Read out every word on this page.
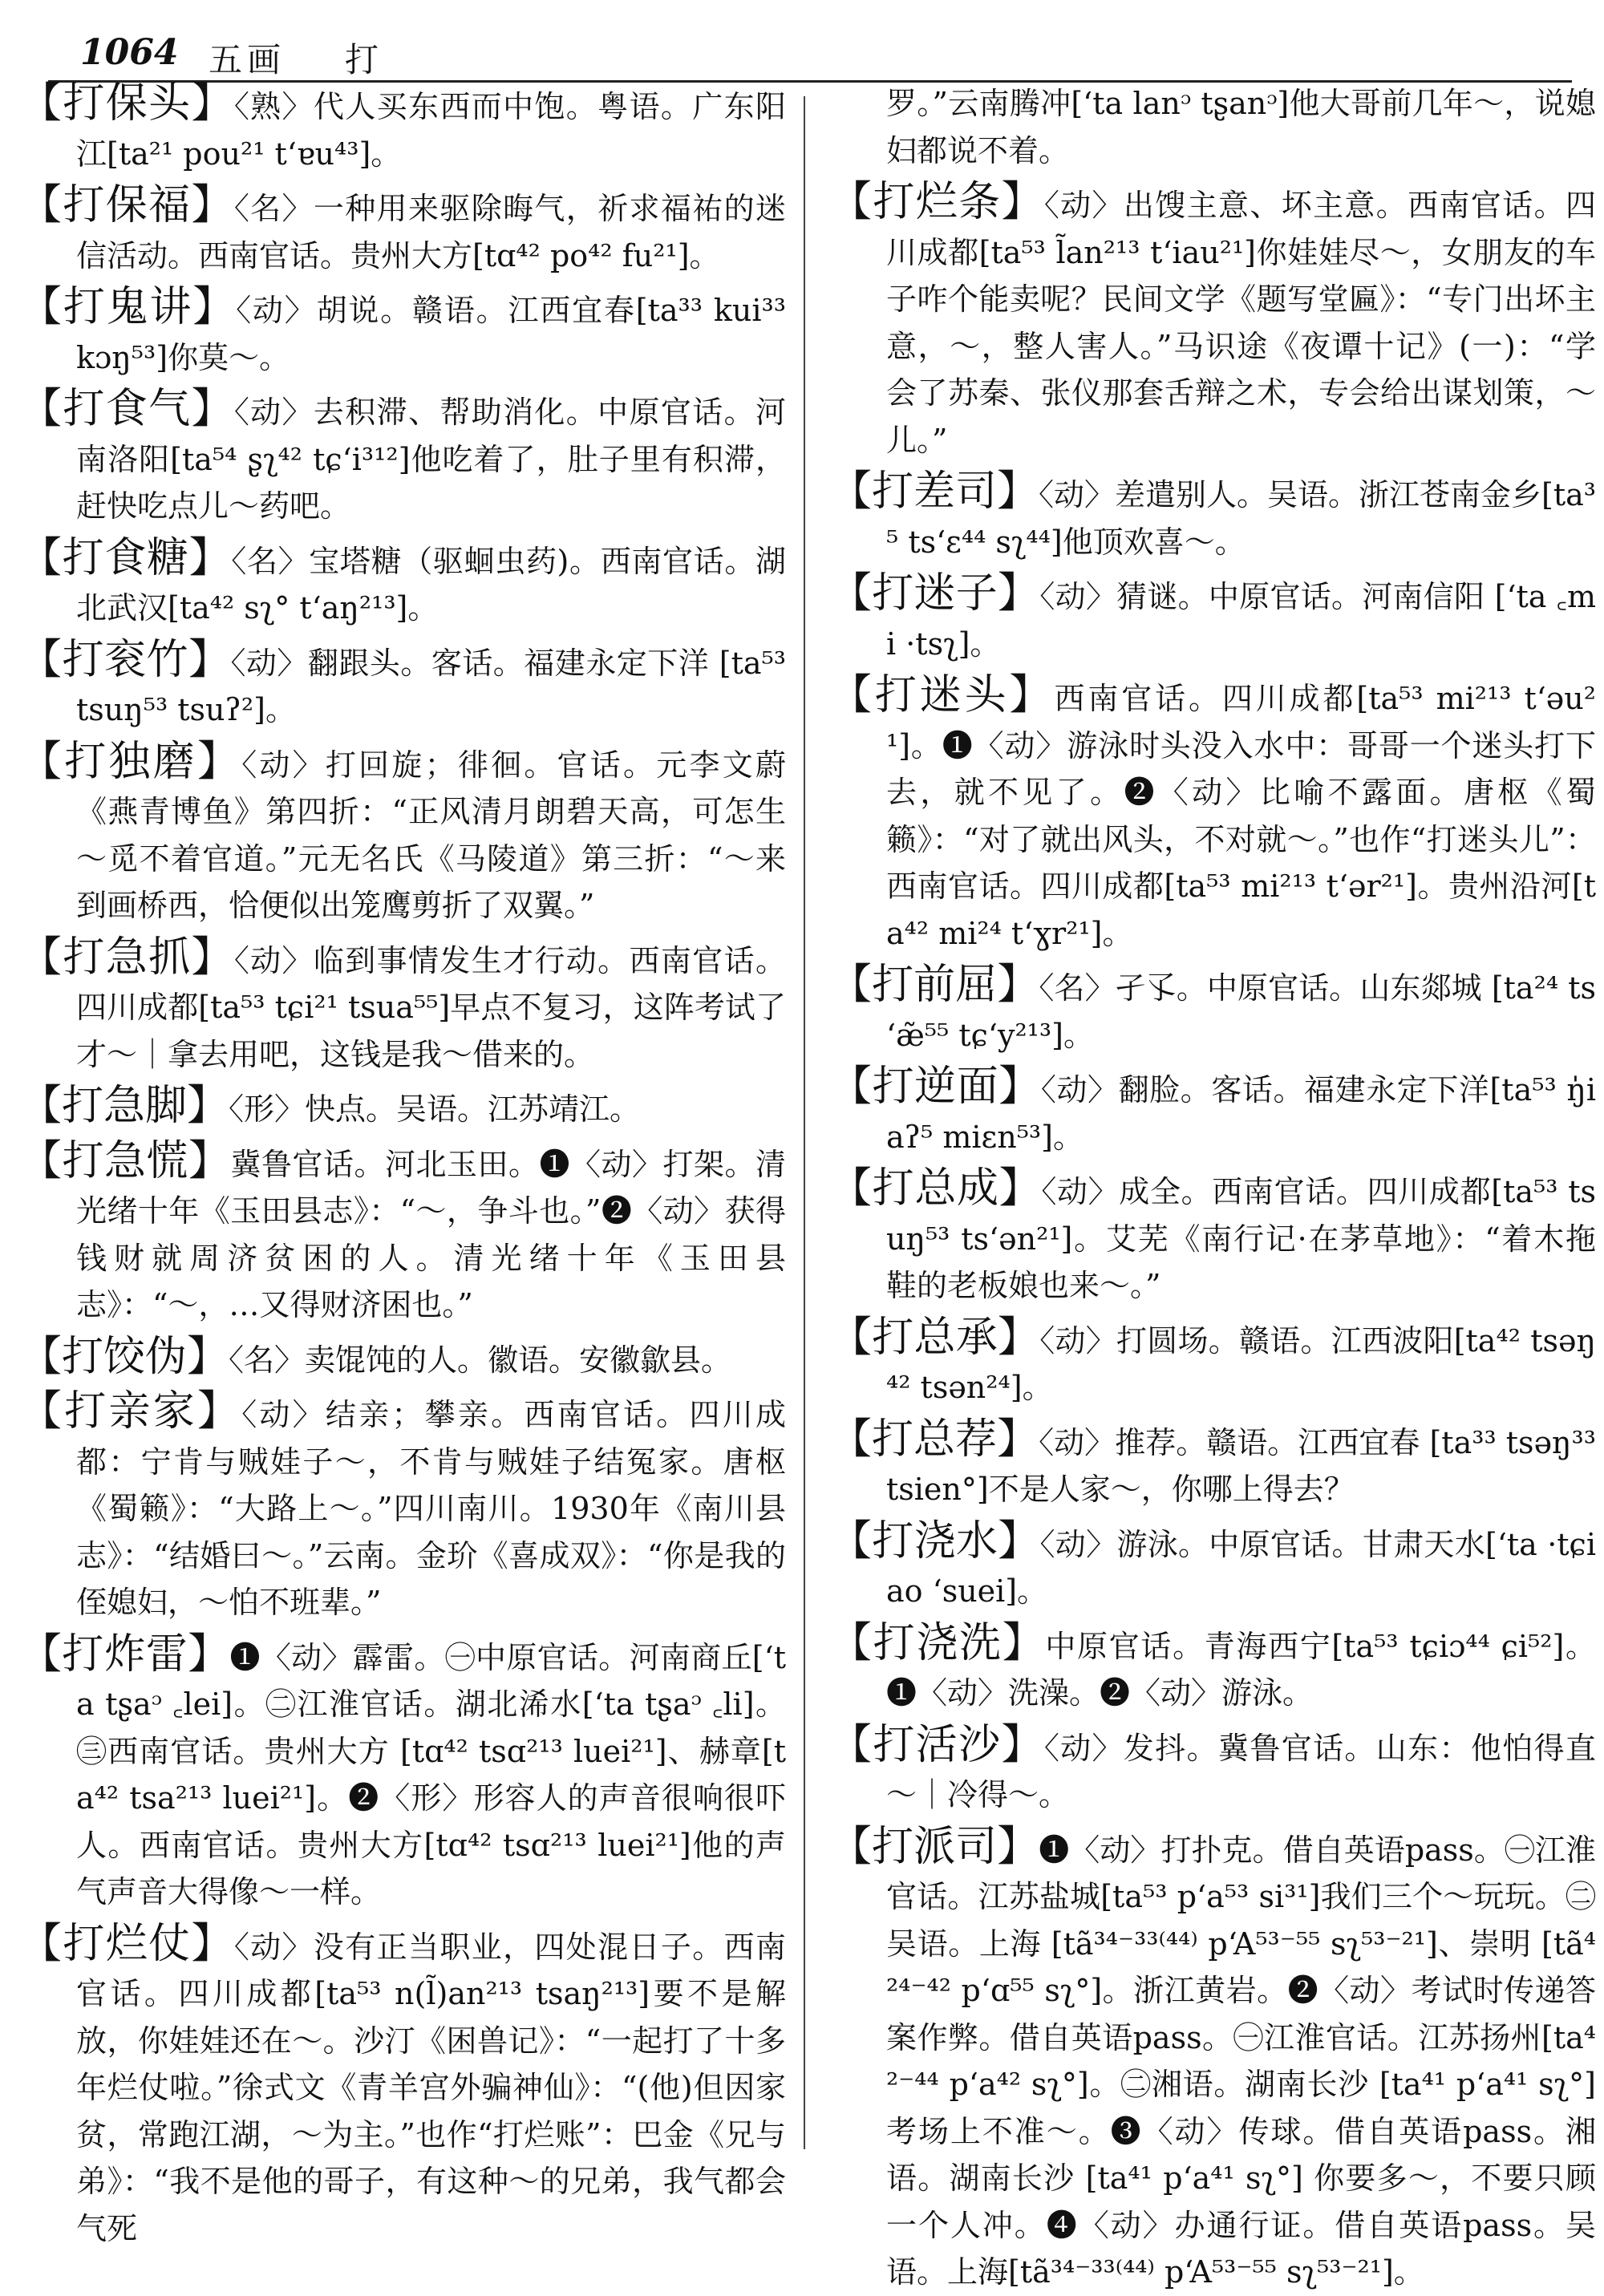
1064 五画 打

【打保头】〈熟〉代人买东西而中饱。粤语。广东阳江[ta²¹ pou²¹ tʻɐu⁴³]。

【打保福】〈名〉一种用来驱除晦气，祈求福祐的迷信活动。西南官话。贵州大方[tɑ⁴² po⁴² fu²¹]。

【打鬼讲】〈动〉胡说。赣语。江西宜春[ta³³ kui³³ kɔŋ⁵³]你莫～。

【打食气】〈动〉去积滞、帮助消化。中原官话。河南洛阳[ta⁵⁴ ʂʅ⁴² tɕʻi³¹²]他吃着了，肚子里有积滞，赶快吃点儿～药吧。

【打食糖】〈名〉宝塔糖（驱蛔虫药)。西南官话。湖北武汉[ta⁴² sʅ° tʻaŋ²¹³]。

【打衮竹】〈动〉翻跟头。客话。福建永定下洋 [ta⁵³ tsuŋ⁵³ tsuʔ²]。

【打独磨】〈动〉打回旋；徘徊。官话。元李文蔚《燕青博鱼》第四折：“正风清月朗碧天高，可怎生～觅不着官道。”元无名氏《马陵道》第三折：“～来到画桥西，恰便似出笼鹰剪折了双翼。”

【打急抓】〈动〉临到事情发生才行动。西南官话。四川成都[ta⁵³ tɕi²¹ tsua⁵⁵]早点不复习，这阵考试了才～｜拿去用吧，这钱是我～借来的。

【打急脚】〈形〉快点。吴语。江苏靖江。

【打急慌】冀鲁官话。河北玉田。❶〈动〉打架。清光绪十年《玉田县志》：“～，争斗也。”❷〈动〉获得钱财就周济贫困的人。清光绪十年《玉田县志》：“～，…又得财济困也。”

【打饺伪】〈名〉卖馄饨的人。徽语。安徽歙县。

【打亲家】〈动〉结亲；攀亲。西南官话。四川成都：宁肯与贼娃子～，不肯与贼娃子结冤家。唐枢《蜀籁》：“大路上～。”四川南川。1930年《南川县志》：“结婚曰～。”云南。金玠《喜成双》：“你是我的侄媳妇，～怕不班辈。”

【打炸雷】❶〈动〉霹雷。㊀中原官话。河南商丘[ʻta tʂaᵓ ꜀lei]。㊁江淮官话。湖北浠水[ʻta tʂaᵓ ꜀li]。㊂西南官话。贵州大方 [tɑ⁴² tsɑ²¹³ luei²¹]、赫章[ta⁴² tsa²¹³ luei²¹]。❷〈形〉形容人的声音很响很吓人。西南官话。贵州大方[tɑ⁴² tsɑ²¹³ luei²¹]他的声气声音大得像～一样。

【打烂仗】〈动〉没有正当职业，四处混日子。西南官话。四川成都[ta⁵³ n(l̃)an²¹³ tsaŋ²¹³]要不是解放，你娃娃还在～。沙汀《困兽记》：“一起打了十多年烂仗啦。”徐式文《青羊宫外骗神仙》：“(他)但因家贫，常跑江湖，～为主。”也作“打烂账”：巴金《兄与弟》：“我不是他的哥子，有这种～的兄弟，我气都会气死

罗。”云南腾冲[ʻta lanᵓ tʂanᵓ]他大哥前几年～，说媳妇都说不着。

【打烂条】〈动〉出馊主意、坏主意。西南官话。四川成都[ta⁵³ l̃an²¹³ tʻiau²¹]你娃娃尽～，女朋友的车子咋个能卖呢？民间文学《题写堂匾》：“专门出坏主意，～，整人害人。”马识途《夜谭十记》(一)：“学会了苏秦、张仪那套舌辩之术，专会给出谋划策，～儿。”

【打差司】〈动〉差遣别人。吴语。浙江苍南金乡[ta³⁵ tsʻɛ⁴⁴ sʅ⁴⁴]他顶欢喜～。

【打迷子】〈动〉猜谜。中原官话。河南信阳 [ʻta ꜀mi ·tsʅ]。

【打迷头】西南官话。四川成都[ta⁵³ mi²¹³ tʻəu²¹]。❶〈动〉游泳时头没入水中：哥哥一个迷头打下去，就不见了。❷〈动〉比喻不露面。唐枢《蜀籁》：“对了就出风头，不对就～。”也作“打迷头儿”：西南官话。四川成都[ta⁵³ mi²¹³ tʻər²¹]。贵州沿河[ta⁴² mi²⁴ tʻɣr²¹]。

【打前屈】〈名〉孑孓。中原官话。山东郯城 [ta²⁴ tsʻæ̃⁵⁵ tɕʻy²¹³]。

【打逆面】〈动〉翻脸。客话。福建永定下洋[ta⁵³ ŋ̍iaʔ⁵ miɛn⁵³]。

【打总成】〈动〉成全。西南官话。四川成都[ta⁵³ tsuŋ⁵³ tsʻən²¹]。艾芜《南行记·在茅草地》：“着木拖鞋的老板娘也来～。”

【打总承】〈动〉打圆场。赣语。江西波阳[ta⁴² tsəŋ⁴² tsən²⁴]。

【打总荐】〈动〉推荐。赣语。江西宜春 [ta³³ tsəŋ³³ tsien°]不是人家～，你哪上得去？

【打浇水】〈动〉游泳。中原官话。甘肃天水[ʻta ·tɕiao ʻsuei]。

【打浇洗】中原官话。青海西宁[ta⁵³ tɕiɔ⁴⁴ ɕi⁵²]。❶〈动〉洗澡。❷〈动〉游泳。

【打活沙】〈动〉发抖。冀鲁官话。山东：他怕得直～｜冷得～。

【打派司】❶〈动〉打扑克。借自英语pass。㊀江淮官话。江苏盐城[ta⁵³ pʻa⁵³ si³¹]我们三个～玩玩。㊁吴语。上海 [tã³⁴⁻³³⁽⁴⁴⁾ pʻA⁵³⁻⁵⁵ sʅ⁵³⁻²¹]、崇明 [tã⁴²⁴⁻⁴² pʻɑ⁵⁵ sʅ°]。浙江黄岩。❷〈动〉考试时传递答案作弊。借自英语pass。㊀江淮官话。江苏扬州[ta⁴²⁻⁴⁴ pʻa⁴² sʅ°]。㊁湘语。湖南长沙 [ta⁴¹ pʻa⁴¹ sʅ°]考场上不准～。❸〈动〉传球。借自英语pass。湘语。湖南长沙 [ta⁴¹ pʻa⁴¹ sʅ°] 你要多～，不要只顾一个人冲。❹〈动〉办通行证。借自英语pass。吴语。上海[tã³⁴⁻³³⁽⁴⁴⁾ pʻA⁵³⁻⁵⁵ sʅ⁵³⁻²¹]。
